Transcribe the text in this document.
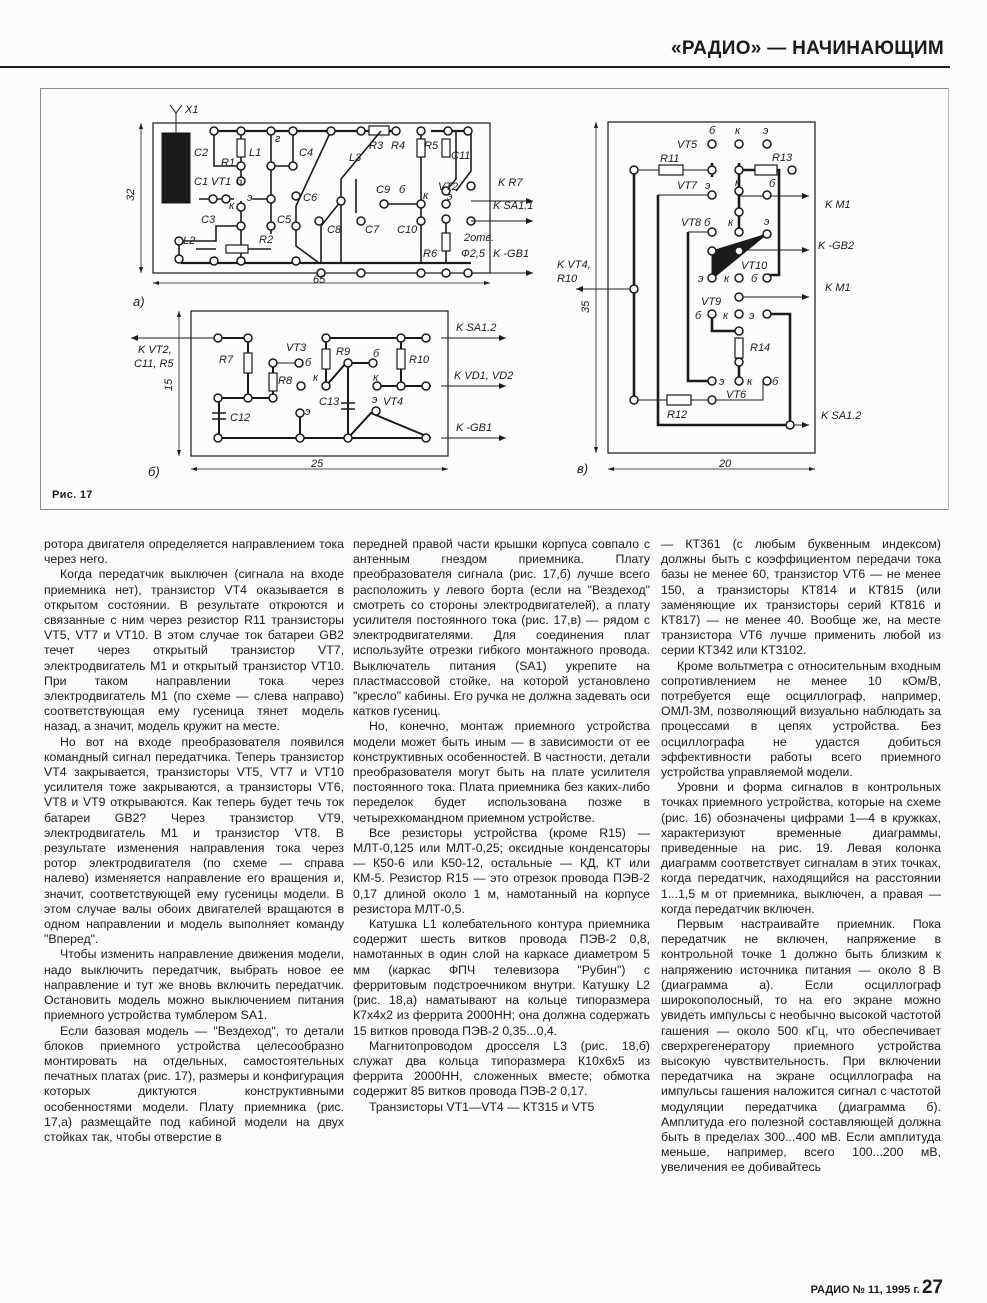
«РАДИО» — НАЧИНАЮЩИМ
X1
C2
R1
L1	C4	L3
R3 R4 R5
C11
C1 VT1 б
к
C9 б	VT2
к
K R7
K SA1.1
C3
э
C5
C6
C8 C7 C10
э
L2	R2
R6
2отв.
Ф2,5 K -GB1
г
32
65
а)
K VT2,
C11, R5	R7
VT3	R9 б	R10
K SA1.2
б
R8 к	к	K VD1, VD2
C13
э
VT4
C12
э
K -GB1
15
25
б)
б к э
VT5
R11	R13
VT7 э к	б
K M1
VT8 б к	э
K -GB2
K VT4,
R10
VT10
э к б
K M1
VT9
б к э
R14
э к б
VT6
R12	K SA1.2
35
20
в)
Рис. 17

ротора двигателя определяется направлением тока через него.

Когда передатчик выключен (сигнала на входе приемника нет), транзистор VT4 оказывается в открытом состоянии. В результате откроются и связанные с ним через резистор R11 транзисторы VT5, VT7 и VT10. В этом случае ток батареи GB2 течет через открытый транзистор VT7, электродвигатель M1 и открытый транзистор VT10. При таком направлении тока через электродвигатель M1 (по схеме — слева направо) соответствующая ему гусеница тянет модель назад, а значит, модель кружит на месте.

Но вот на входе преобразователя появился командный сигнал передатчика. Теперь транзистор VT4 закрывается, транзисторы VT5, VT7 и VT10 усилителя тоже закрываются, а транзисторы VT6, VT8 и VT9 открываются. Как теперь будет течь ток батареи GB2? Через транзистор VT9, электродвигатель M1 и транзистор VT8. В результате изменения направления тока через ротор электродвигателя (по схеме — справа налево) изменяется направление его вращения и, значит, соответствующей ему гусеницы модели. В этом случае валы обоих двигателей вращаются в одном направлении и модель выполняет команду "Вперед".

Чтобы изменить направление движения модели, надо выключить передатчик, выбрать новое ее направление и тут же вновь включить передатчик. Остановить модель можно выключением питания приемного устройства тумблером SA1.

Если базовая модель — "Вездеход", то детали блоков приемного устройства целесообразно монтировать на отдельных, самостоятельных печатных платах (рис. 17), размеры и конфигурация которых диктуются конструктивными особенностями модели. Плату приемника (рис. 17,а) размещайте под кабиной модели на двух стойках так, чтобы отверстие в

передней правой части крышки корпуса совпало с антенным гнездом приемника. Плату преобразователя сигнала (рис. 17,б) лучше всего расположить у левого борта (если на "Вездеход" смотреть со стороны электродвигателей), а плату усилителя постоянного тока (рис. 17,в) — рядом с электродвигателями. Для соединения плат используйте отрезки гибкого монтажного провода. Выключатель питания (SA1) укрепите на пластмассовой стойке, на которой установлено "кресло" кабины. Его ручка не должна задевать оси катков гусениц.

Но, конечно, монтаж приемного устройства модели может быть иным — в зависимости от ее конструктивных особенностей. В частности, детали преобразователя могут быть на плате усилителя постоянного тока. Плата приемника без каких-либо переделок будет использована позже в четырехкомандном приемном устройстве.

Все резисторы устройства (кроме R15) — МЛТ-0,125 или МЛТ-0,25; оксидные конденсаторы — К50-6 или К50-12, остальные — КД, КТ или КМ-5. Резистор R15 — это отрезок провода ПЭВ-2 0,17 длиной около 1 м, намотанный на корпусе резистора МЛТ-0,5.

Катушка L1 колебательного контура приемника содержит шесть витков провода ПЭВ-2 0,8, намотанных в один слой на каркасе диаметром 5 мм (каркас ФПЧ телевизора "Рубин") с ферритовым подстроечником внутри. Катушку L2 (рис. 18,а) наматывают на кольце типоразмера К7х4х2 из феррита 2000НН; она должна содержать 15 витков провода ПЭВ-2 0,35...0,4.

Магнитопроводом дросселя L3 (рис. 18,б) служат два кольца типоразмера К10х6х5 из феррита 2000НН, сложенных вместе; обмотка содержит 85 витков провода ПЭВ-2 0,17.

Транзисторы VT1—VT4 — КТ315 и VT5

— КТ361 (с любым буквенным индексом) должны быть с коэффициентом передачи тока базы не менее 60, транзистор VT6 — не менее 150, а транзисторы КТ814 и КТ815 (или заменяющие их транзисторы серий КТ816 и КТ817) — не менее 40. Вообще же, на месте транзистора VT6 лучше применить любой из серии КТ342 или КТ3102.

Кроме вольтметра с относительным входным сопротивлением не менее 10 кОм/В, потребуется еще осциллограф, например, ОМЛ-3М, позволяющий визуально наблюдать за процессами в цепях устройства. Без осциллографа не удастся добиться эффективности работы всего приемного устройства управляемой модели.

Уровни и форма сигналов в контрольных точках приемного устройства, которые на схеме (рис. 16) обозначены цифрами 1—4 в кружках, характеризуют временные диаграммы, приведенные на рис. 19. Левая колонка диаграмм соответствует сигналам в этих точках, когда передатчик, находящийся на расстоянии 1...1,5 м от приемника, выключен, а правая — когда передатчик включен.

Первым настраивайте приемник. Пока передатчик не включен, напряжение в контрольной точке 1 должно быть близким к напряжению источника питания — около 8 В (диаграмма а). Если осциллограф широкополосный, то на его экране можно увидеть импульсы с необычно высокой частотой гашения — около 500 кГц, что обеспечивает сверхрегенератору приемного устройства высокую чувствительность. При включении передатчика на экране осциллографа на импульсы гашения наложится сигнал с частотой модуляции передатчика (диаграмма б). Амплитуда его полезной составляющей должна быть в пределах 300...400 мВ. Если амплитуда меньше, например, всего 100...200 мВ, увеличения ее добивайтесь

РАДИО № 11, 1995 г. 27
